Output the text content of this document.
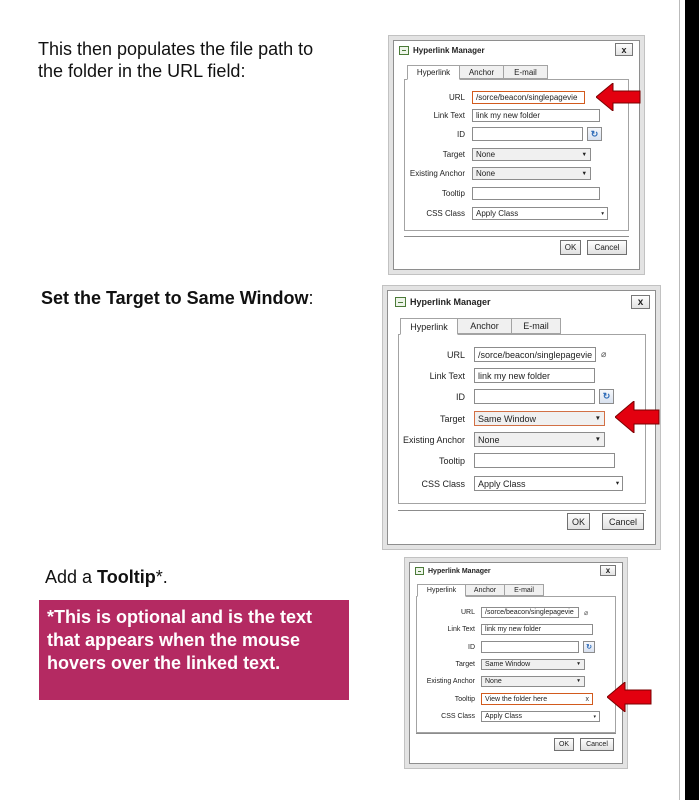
This then populates the file path to the folder in the URL field:
Set the Target to Same Window:
Add a Tooltip*.
*This is optional and is the text that appears when the mouse hovers over the linked text.
Hyperlink Manager	x
Hyperlink	Anchor	E-mail
URL	/sorce/beacon/singlepagevie
Link Text	link my new folder
ID	↻
Target	None	▼
Existing Anchor	None	▼
Tooltip
CSS Class	Apply Class	▾
OK	Cancel
Hyperlink Manager	x
Hyperlink	Anchor	E-mail
URL	/sorce/beacon/singlepagevie ⌀
Link Text	link my new folder
ID	↻
Target	Same Window	▼
Existing Anchor	None	▼
Tooltip
CSS Class	Apply Class	▾
OK	Cancel
Hyperlink Manager	x
Hyperlink	Anchor	E-mail
URL	/sorce/beacon/singlepagevie	⌀
Link Text	link my new folder
ID	↻
Target	Same Window	▼
Existing Anchor	None	▼
Tooltip	View the folder here	x
CSS Class	Apply Class	▾
OK	Cancel
